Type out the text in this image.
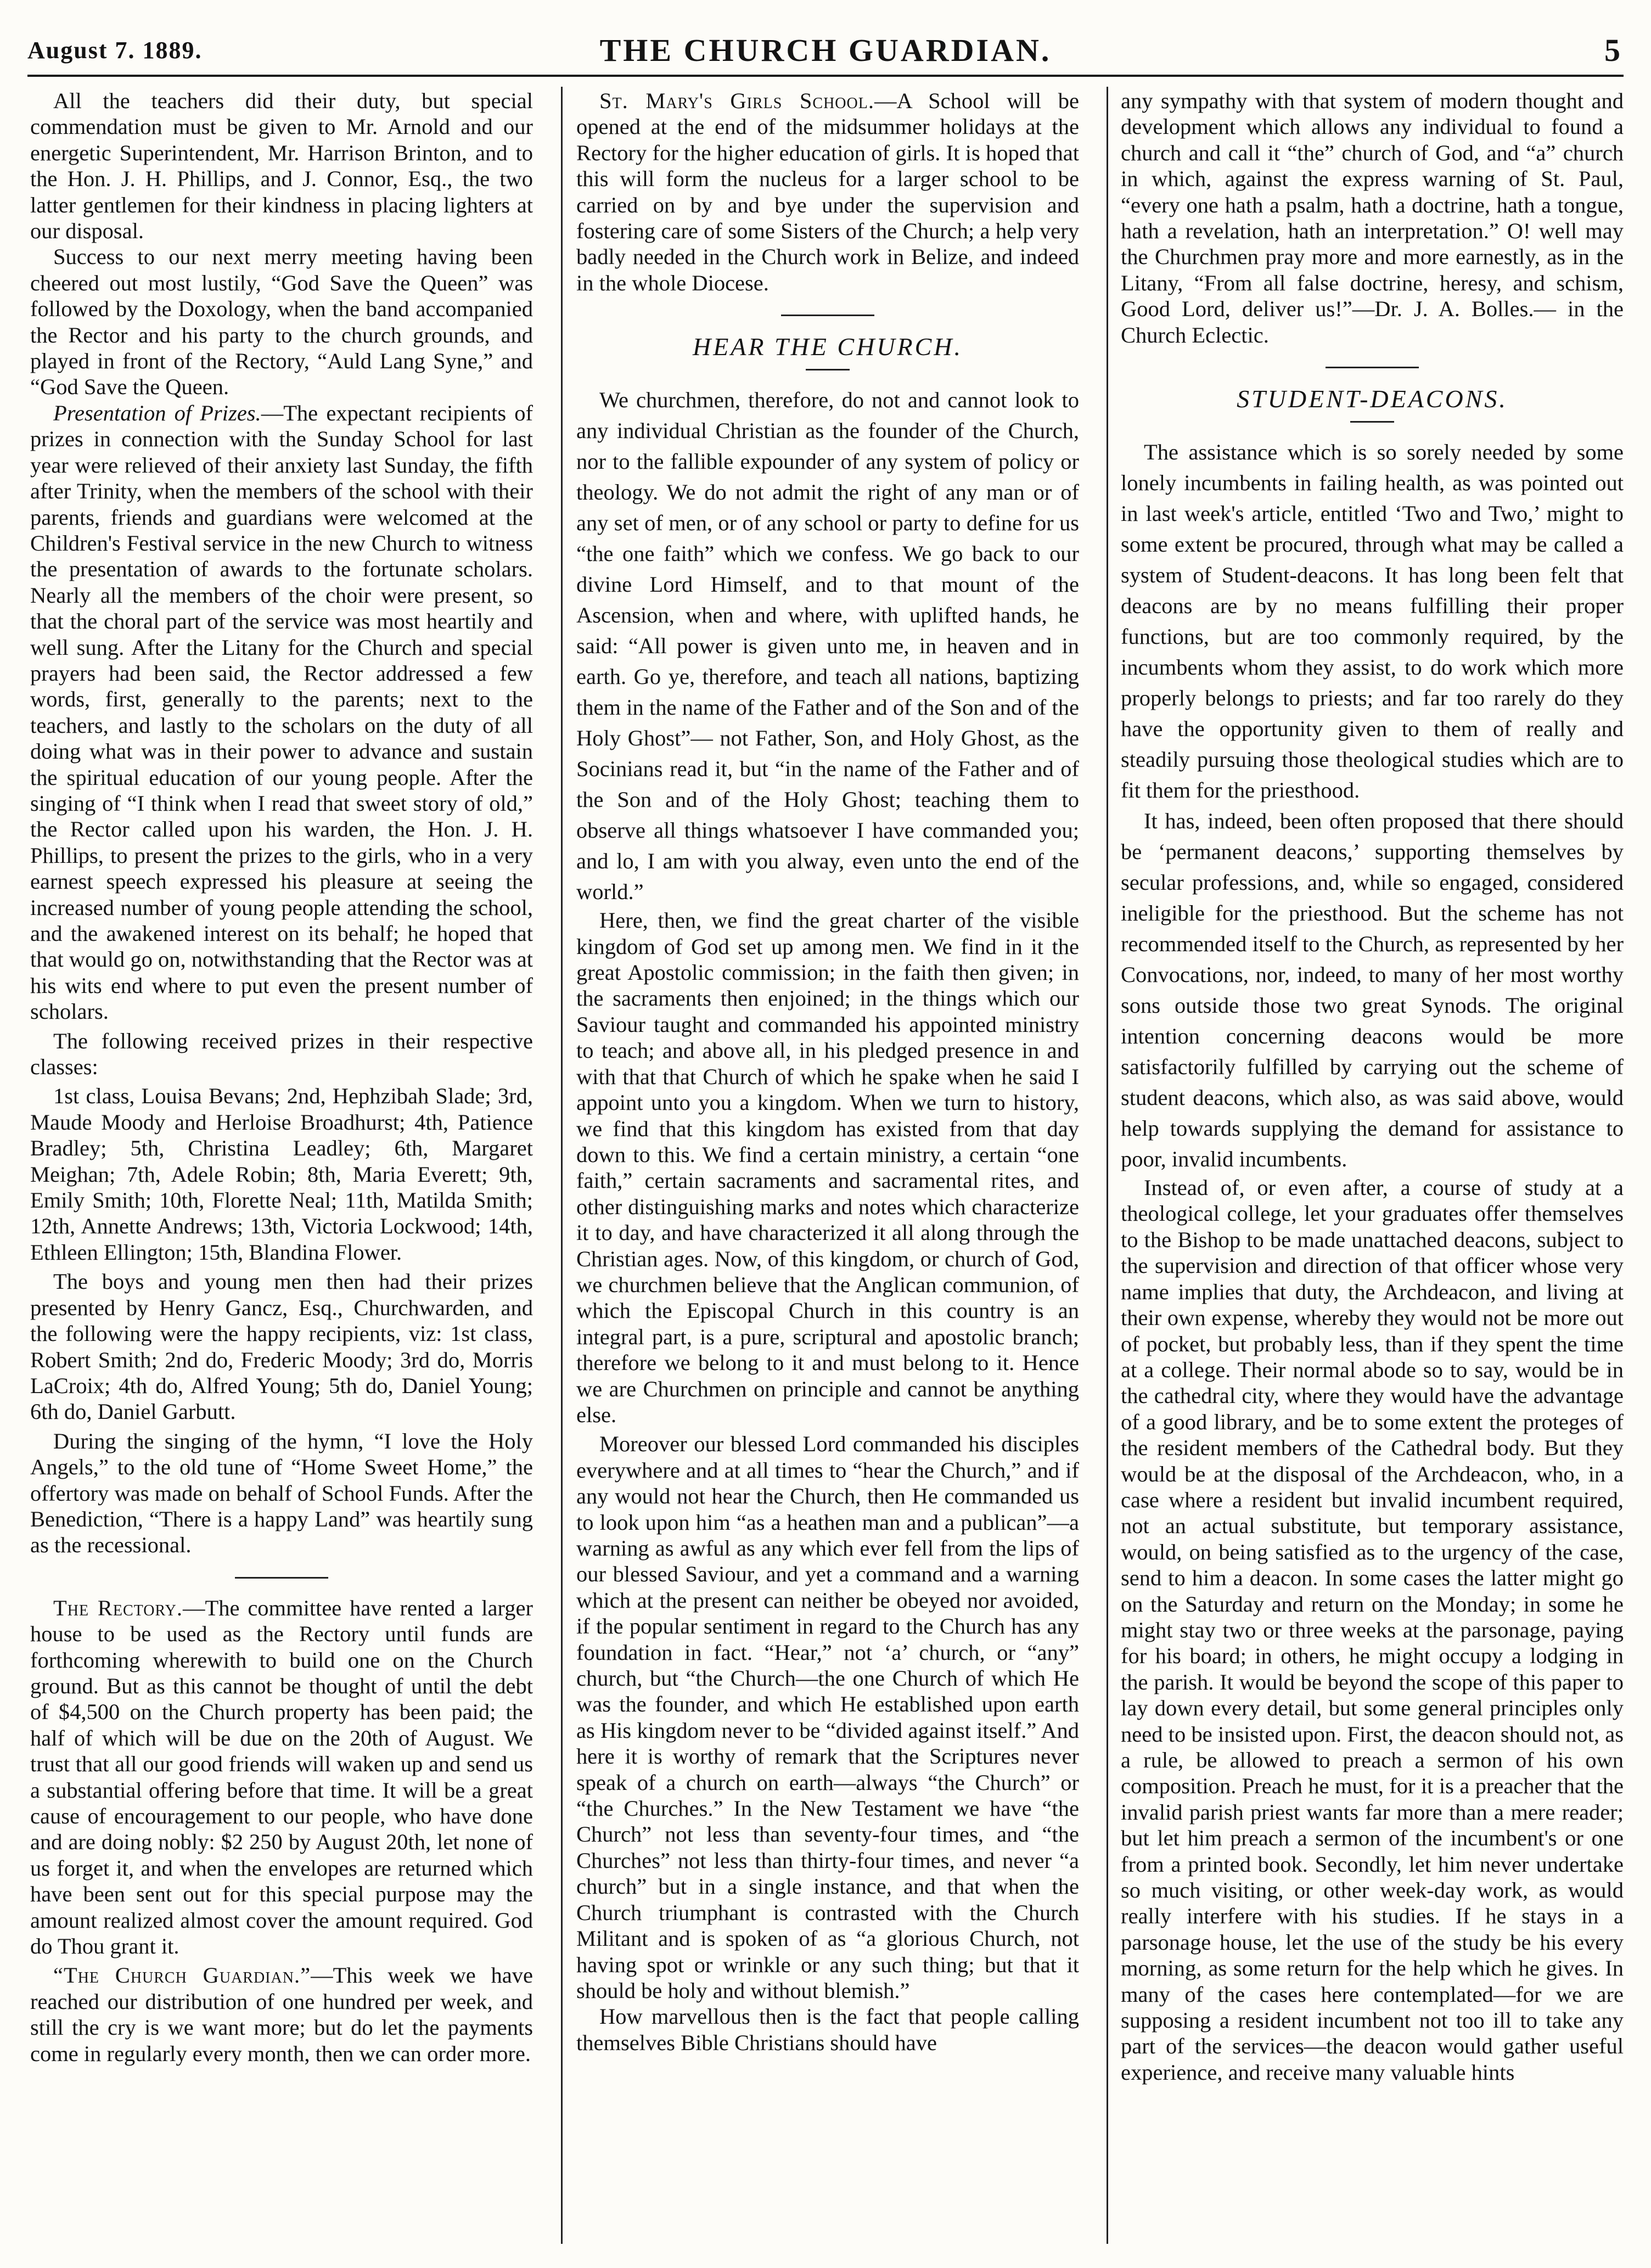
August 7. 1889.	THE CHURCH GUARDIAN.	5

All the teachers did their duty, but special commendation must be given to Mr. Arnold and our energetic Superintendent, Mr. Harrison Brinton, and to the Hon. J. H. Phillips, and J. Connor, Esq., the two latter gentlemen for their kindness in placing lighters at our disposal.

Success to our next merry meeting having been cheered out most lustily, “God Save the Queen” was followed by the Doxology, when the band accompanied the Rector and his party to the church grounds, and played in front of the Rectory, “Auld Lang Syne,” and “God Save the Queen.

Presentation of Prizes.—The expectant recipients of prizes in connection with the Sunday School for last year were relieved of their anxiety last Sunday, the fifth after Trinity, when the members of the school with their parents, friends and guardians were welcomed at the Children's Festival service in the new Church to witness the presentation of awards to the fortunate scholars. Nearly all the members of the choir were present, so that the choral part of the service was most heartily and well sung. After the Litany for the Church and special prayers had been said, the Rector addressed a few words, first, generally to the parents; next to the teachers, and lastly to the scholars on the duty of all doing what was in their power to advance and sustain the spiritual education of our young people. After the singing of “I think when I read that sweet story of old,” the Rector called upon his warden, the Hon. J. H. Phillips, to present the prizes to the girls, who in a very earnest speech expressed his pleasure at seeing the increased number of young people attending the school, and the awakened interest on its behalf; he hoped that that would go on, notwithstanding that the Rector was at his wits end where to put even the present number of scholars.

The following received prizes in their respective classes:

1st class, Louisa Bevans; 2nd, Hephzibah Slade; 3rd, Maude Moody and Herloise Broadhurst; 4th, Patience Bradley; 5th, Christina Leadley; 6th, Margaret Meighan; 7th, Adele Robin; 8th, Maria Everett; 9th, Emily Smith; 10th, Florette Neal; 11th, Matilda Smith; 12th, Annette Andrews; 13th, Victoria Lockwood; 14th, Ethleen Ellington; 15th, Blandina Flower.

The boys and young men then had their prizes presented by Henry Gancz, Esq., Churchwarden, and the following were the happy recipients, viz: 1st class, Robert Smith; 2nd do, Frederic Moody; 3rd do, Morris LaCroix; 4th do, Alfred Young; 5th do, Daniel Young; 6th do, Daniel Garbutt.

During the singing of the hymn, “I love the Holy Angels,” to the old tune of “Home Sweet Home,” the offertory was made on behalf of School Funds. After the Benediction, “There is a happy Land” was heartily sung as the recessional.

The Rectory.—The committee have rented a larger house to be used as the Rectory until funds are forthcoming wherewith to build one on the Church ground. But as this cannot be thought of until the debt of $4,500 on the Church property has been paid; the half of which will be due on the 20th of August. We trust that all our good friends will waken up and send us a substantial offering before that time. It will be a great cause of encouragement to our people, who have done and are doing nobly: $2 250 by August 20th, let none of us forget it, and when the envelopes are returned which have been sent out for this special purpose may the amount realized almost cover the amount required. God do Thou grant it.

“The Church Guardian.”—This week we have reached our distribution of one hundred per week, and still the cry is we want more; but do let the payments come in regularly every month, then we can order more.

St. Mary's Girls School.—A School will be opened at the end of the midsummer holidays at the Rectory for the higher education of girls. It is hoped that this will form the nucleus for a larger school to be carried on by and bye under the supervision and fostering care of some Sisters of the Church; a help very badly needed in the Church work in Belize, and indeed in the whole Diocese.

HEAR THE CHURCH.

We churchmen, therefore, do not and cannot look to any individual Christian as the founder of the Church, nor to the fallible expounder of any system of policy or theology. We do not admit the right of any man or of any set of men, or of any school or party to define for us “the one faith” which we confess. We go back to our divine Lord Himself, and to that mount of the Ascension, when and where, with uplifted hands, he said: “All power is given unto me, in heaven and in earth. Go ye, therefore, and teach all nations, baptizing them in the name of the Father and of the Son and of the Holy Ghost”— not Father, Son, and Holy Ghost, as the Socinians read it, but “in the name of the Father and of the Son and of the Holy Ghost; teaching them to observe all things whatsoever I have commanded you; and lo, I am with you alway, even unto the end of the world.”

Here, then, we find the great charter of the visible kingdom of God set up among men. We find in it the great Apostolic commission; in the faith then given; in the sacraments then enjoined; in the things which our Saviour taught and commanded his appointed ministry to teach; and above all, in his pledged presence in and with that that Church of which he spake when he said I appoint unto you a kingdom. When we turn to history, we find that this kingdom has existed from that day down to this. We find a certain ministry, a certain “one faith,” certain sacraments and sacramental rites, and other distinguishing marks and notes which characterize it to day, and have characterized it all along through the Christian ages. Now, of this kingdom, or church of God, we churchmen believe that the Anglican communion, of which the Episcopal Church in this country is an integral part, is a pure, scriptural and apostolic branch; therefore we belong to it and must belong to it. Hence we are Churchmen on principle and cannot be anything else.

Moreover our blessed Lord commanded his disciples everywhere and at all times to “hear the Church,” and if any would not hear the Church, then He commanded us to look upon him “as a heathen man and a publican”—a warning as awful as any which ever fell from the lips of our blessed Saviour, and yet a command and a warning which at the present can neither be obeyed nor avoided, if the popular sentiment in regard to the Church has any foundation in fact. “Hear,” not ‘a’ church, or “any” church, but “the Church—the one Church of which He was the founder, and which He established upon earth as His kingdom never to be “divided against itself.” And here it is worthy of remark that the Scriptures never speak of a church on earth—always “the Church” or “the Churches.” In the New Testament we have “the Church” not less than seventy-four times, and “the Churches” not less than thirty-four times, and never “a church” but in a single instance, and that when the Church triumphant is contrasted with the Church Militant and is spoken of as “a glorious Church, not having spot or wrinkle or any such thing; but that it should be holy and without blemish.”

How marvellous then is the fact that people calling themselves Bible Christians should have

any sympathy with that system of modern thought and development which allows any individual to found a church and call it “the” church of God, and “a” church in which, against the express warning of St. Paul, “every one hath a psalm, hath a doctrine, hath a tongue, hath a revelation, hath an interpretation.” O! well may the Churchmen pray more and more earnestly, as in the Litany, “From all false doctrine, heresy, and schism, Good Lord, deliver us!”—Dr. J. A. Bolles.— in the Church Eclectic.

STUDENT-DEACONS.

The assistance which is so sorely needed by some lonely incumbents in failing health, as was pointed out in last week's article, entitled ‘Two and Two,’ might to some extent be procured, through what may be called a system of Student-deacons. It has long been felt that deacons are by no means fulfilling their proper functions, but are too commonly required, by the incumbents whom they assist, to do work which more properly belongs to priests; and far too rarely do they have the opportunity given to them of really and steadily pursuing those theological studies which are to fit them for the priesthood.

It has, indeed, been often proposed that there should be ‘permanent deacons,’ supporting themselves by secular professions, and, while so engaged, considered ineligible for the priesthood. But the scheme has not recommended itself to the Church, as represented by her Convocations, nor, indeed, to many of her most worthy sons outside those two great Synods. The original intention concerning deacons would be more satisfactorily fulfilled by carrying out the scheme of student deacons, which also, as was said above, would help towards supplying the demand for assistance to poor, invalid incumbents.

Instead of, or even after, a course of study at a theological college, let your graduates offer themselves to the Bishop to be made unattached deacons, subject to the supervision and direction of that officer whose very name implies that duty, the Archdeacon, and living at their own expense, whereby they would not be more out of pocket, but probably less, than if they spent the time at a college. Their normal abode so to say, would be in the cathedral city, where they would have the advantage of a good library, and be to some extent the proteges of the resident members of the Cathedral body. But they would be at the disposal of the Archdeacon, who, in a case where a resident but invalid incumbent required, not an actual substitute, but temporary assistance, would, on being satisfied as to the urgency of the case, send to him a deacon. In some cases the latter might go on the Saturday and return on the Monday; in some he might stay two or three weeks at the parsonage, paying for his board; in others, he might occupy a lodging in the parish. It would be beyond the scope of this paper to lay down every detail, but some general principles only need to be insisted upon. First, the deacon should not, as a rule, be allowed to preach a sermon of his own composition. Preach he must, for it is a preacher that the invalid parish priest wants far more than a mere reader; but let him preach a sermon of the incumbent's or one from a printed book. Secondly, let him never undertake so much visiting, or other week-day work, as would really interfere with his studies. If he stays in a parsonage house, let the use of the study be his every morning, as some return for the help which he gives. In many of the cases here contemplated—for we are supposing a resident incumbent not too ill to take any part of the services—the deacon would gather useful experience, and receive many valuable hints
